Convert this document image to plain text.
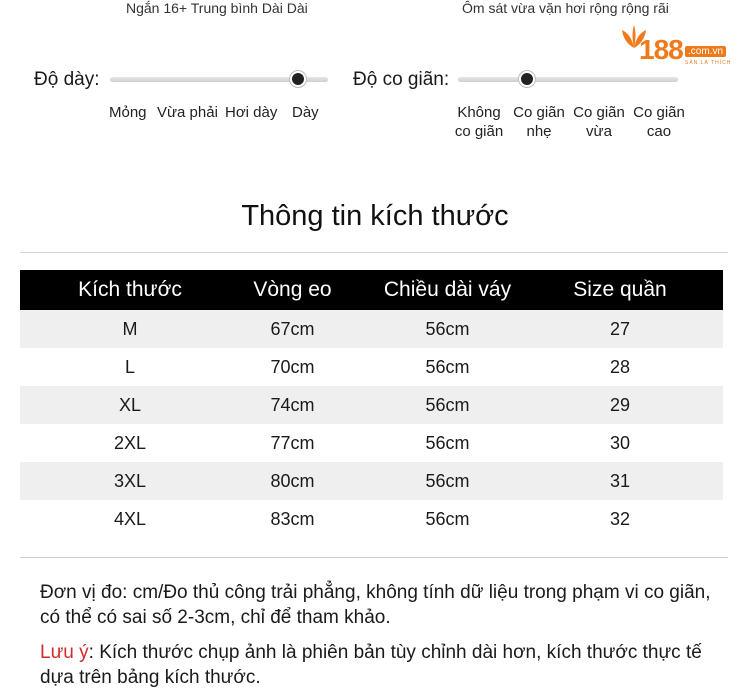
Ngắn 16+ Trung bình Dài Dài	Ôm sát vừa vặn hơi rộng rộng rãi
188 .com.vn
SÀN LÀ THÍCH
Độ dày:
Mỏng Vừa phải Hơi dày Dày
Độ co giãn:
Không co giãn
Co giãn nhẹ
Co giãn vừa
Co giãn cao
Thông tin kích thước
Kích thước	Vòng eo	Chiều dài váy	Size quần
M	67cm	56cm	27
L	70cm	56cm	28
XL	74cm	56cm	29
2XL	77cm	56cm	30
3XL	80cm	56cm	31
4XL	83cm	56cm	32
Đơn vị đo: cm/Đo thủ công trải phẳng, không tính dữ liệu trong phạm vi co giãn, có thể có sai số 2-3cm, chỉ để tham khảo.
Lưu ý: Kích thước chụp ảnh là phiên bản tùy chỉnh dài hơn, kích thước thực tế dựa trên bảng kích thước.
